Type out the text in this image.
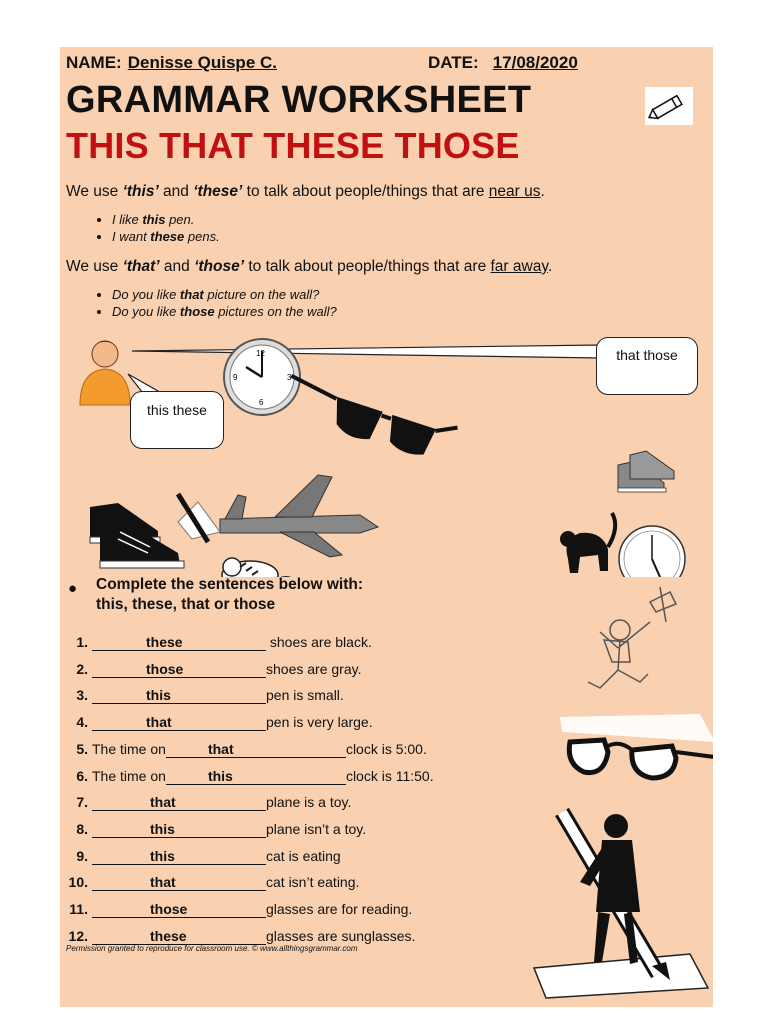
NAME: Denisse Quispe C.	DATE: 17/08/2020
GRAMMAR WORKSHEET
THIS THAT THESE THOSE
We use ‘this’ and ‘these’ to talk about people/things that are near us.
• I like this pen.
• I want these pens.
We use ‘that’ and ‘those’ to talk about people/things that are far away.
• Do you like that picture on the wall?
• Do you like those pictures on the wall?
12
3
6
9
this these
that those
● Complete the sentences below with:
this, these, that or those
1.	these	shoes are black.
2.	those	shoes are gray.
3.	this	pen is small.
4.	that	pen is very large.
5. The time on	that	clock is 5:00.
6. The time on	this	clock is 11:50.
7.	that	plane is a toy.
8.	this	plane isn’t a toy.
9.	this	cat is eating
10.	that	cat isn’t eating.
11.	those	glasses are for reading.
12.	these	glasses are sunglasses.
Permission granted to reproduce for classroom use. © www.allthingsgrammar.com
